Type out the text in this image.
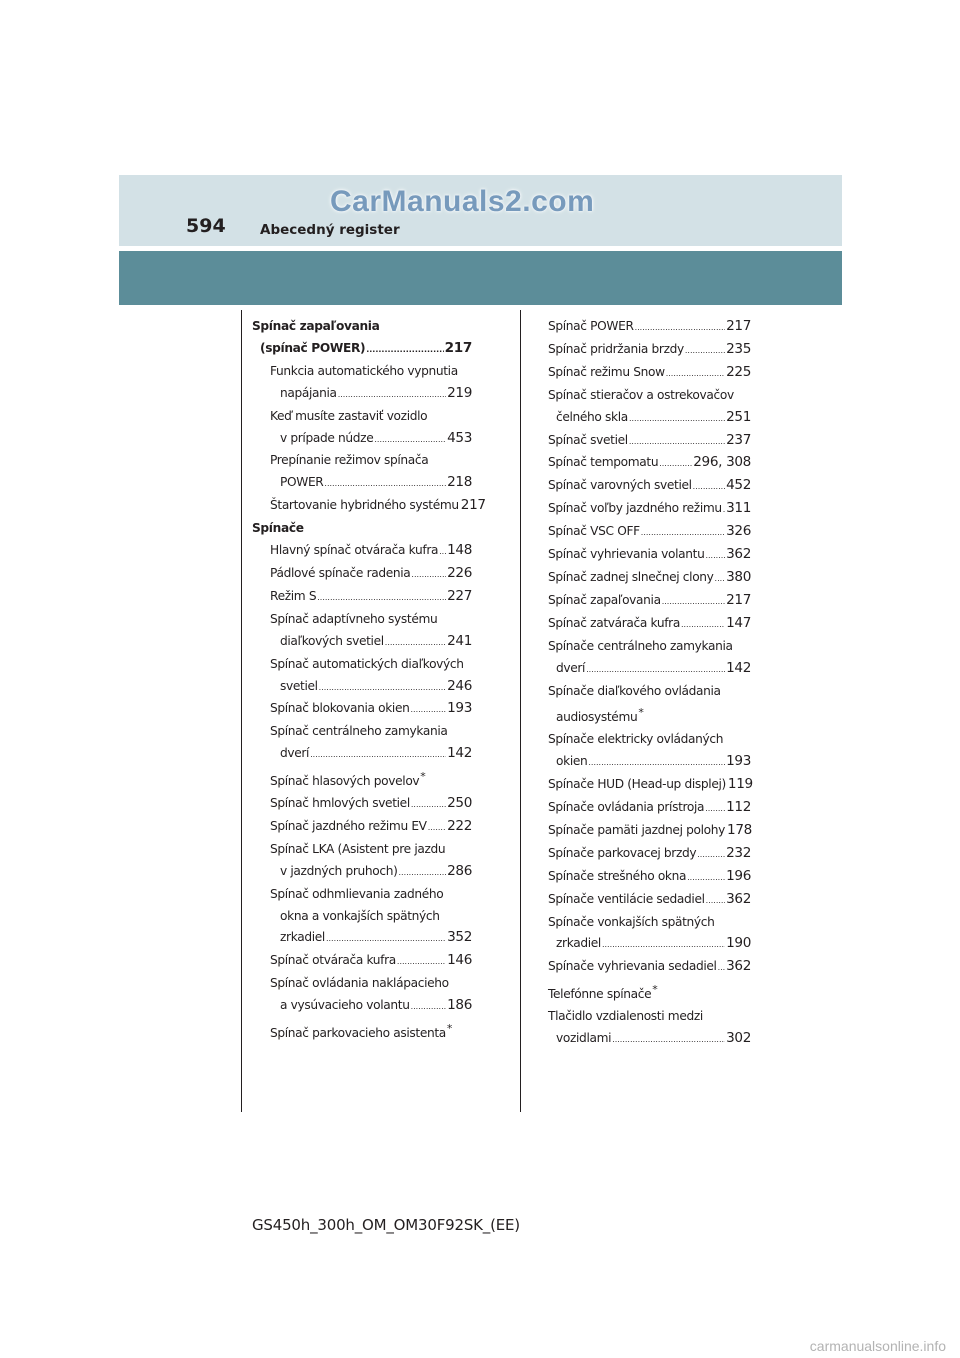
CarManuals2.com
594	Abecedný register
Spínač zapaľovania
(spínač POWER) .....	217
Funkcia automatického vypnutia
napájania .....	219
Keď musíte zastaviť vozidlo
v prípade núdze .....	453
Prepínanie režimov spínača
POWER .....	218
Štartovanie hybridného systému 217
Spínače
Hlavný spínač otvárača kufra ..... 148
Pádlové spínače radenia .....	226
Režim S .....	227
Spínač adaptívneho systému
diaľkových svetiel .....	241
Spínač automatických diaľkových
svetiel .....	246
Spínač blokovania okien .....	193
Spínač centrálneho zamykania
dverí .....	142
Spínač hlasových povelov*
Spínač hmlových svetiel .....	250
Spínač jazdného režimu EV ..... 222
Spínač LKA (Asistent pre jazdu
v jazdných pruhoch) .....	286
Spínač odhmlievania zadného
okna a vonkajších spätných
zrkadiel .....	352
Spínač otvárača kufra .....	146
Spínač ovládania naklápacieho
a vysúvacieho volantu .....	186
Spínač parkovacieho asistenta*
Spínač POWER .....	217
Spínač pridržania brzdy .....	235
Spínač režimu Snow .....	225
Spínač stieračov a ostrekovačov
čelného skla .....	251
Spínač svetiel .....	237
Spínač tempomatu .....	296, 308
Spínač varovných svetiel .....	452
Spínač voľby jazdného režimu ..... 311
Spínač VSC OFF .....	326
Spínač vyhrievania volantu ..... 362
Spínač zadnej slnečnej clony ..... 380
Spínač zapaľovania .....	217
Spínač zatvárača kufra .....	147
Spínače centrálneho zamykania
dverí .....	142
Spínače diaľkového ovládania
audiosystému*
Spínače elektricky ovládaných
okien .....	193
Spínače HUD (Head-up displej) 119
Spínače ovládania prístroja ..... 112
Spínače pamäti jazdnej polohy 178
Spínače parkovacej brzdy ..... 232
Spínače strešného okna .....	196
Spínače ventilácie sedadiel ..... 362
Spínače vonkajších spätných
zrkadiel .....	190
Spínače vyhrievania sedadiel ..... 362
Telefónne spínače*
Tlačidlo vzdialenosti medzi
vozidlami .....	302
GS450h_300h_OM_OM30F92SK_(EE)
carmanualsonline.info
